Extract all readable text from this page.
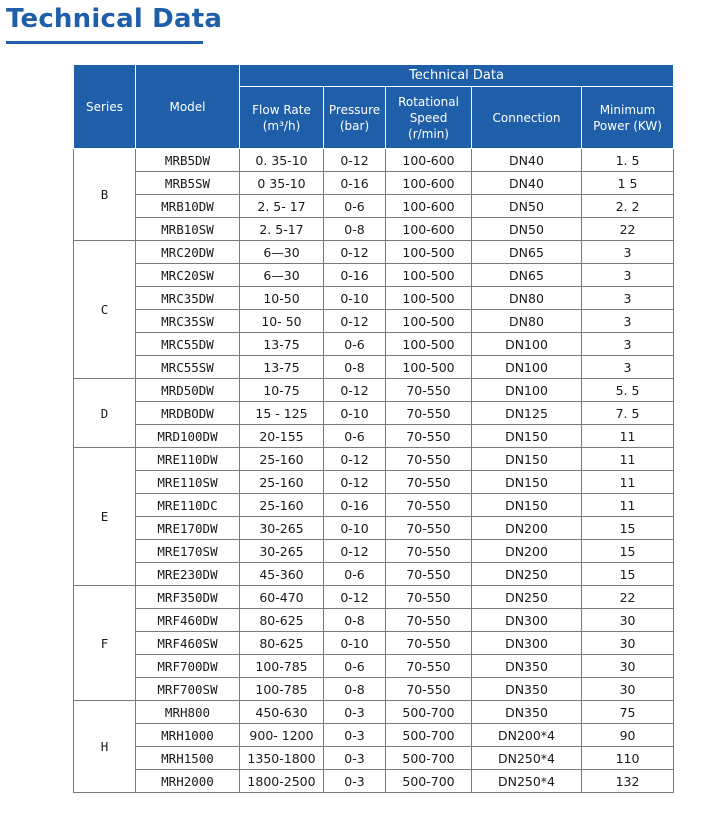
Technical Data
Series	Model	Technical Data				
		Flow Rate (m³/h)	Pressure (bar)	Rotational Speed (r/min)	Connection	Minimum Power (KW)
B	MRB5DW	0. 35-10	0-12	100-600	DN40	1. 5
	MRB5SW	0 35-10	0-16	100-600	DN40	1 5
	MRB10DW	2. 5- 17	0-6	100-600	DN50	2. 2
	MRB10SW	2. 5-17	0-8	100-600	DN50	22
C	MRC20DW	6—30	0-12	100-500	DN65	3
	MRC20SW	6—30	0-16	100-500	DN65	3
	MRC35DW	10-50	0-10	100-500	DN80	3
	MRC35SW	10- 50	0-12	100-500	DN80	3
	MRC55DW	13-75	0-6	100-500	DN100	3
	MRC55SW	13-75	0-8	100-500	DN100	3
D	MRD50DW	10-75	0-12	70-550	DN100	5. 5
	MRDBODW	15 - 125	0-10	70-550	DN125	7. 5
	MRD100DW	20-155	0-6	70-550	DN150	11
E	MRE110DW	25-160	0-12	70-550	DN150	11
	MRE110SW	25-160	0-12	70-550	DN150	11
	MRE110DC	25-160	0-16	70-550	DN150	11
	MRE170DW	30-265	0-10	70-550	DN200	15
	MRE170SW	30-265	0-12	70-550	DN200	15
	MRE230DW	45-360	0-6	70-550	DN250	15
F	MRF350DW	60-470	0-12	70-550	DN250	22
	MRF460DW	80-625	0-8	70-550	DN300	30
	MRF460SW	80-625	0-10	70-550	DN300	30
	MRF700DW	100-785	0-6	70-550	DN350	30
	MRF700SW	100-785	0-8	70-550	DN350	30
H	MRH800	450-630	0-3	500-700	DN350	75
	MRH1000	900- 1200	0-3	500-700	DN200*4	90
	MRH1500	1350-1800	0-3	500-700	DN250*4	110
	MRH2000	1800-2500	0-3	500-700	DN250*4	132
